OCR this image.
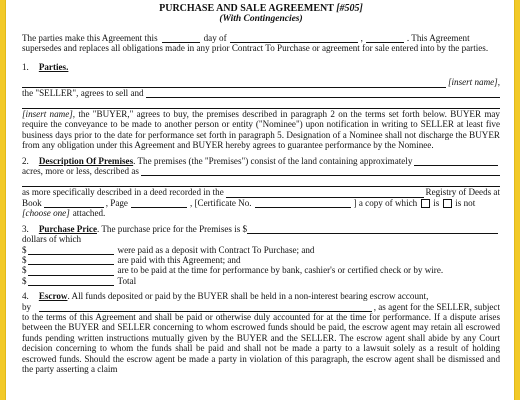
PURCHASE AND SALE AGREEMENT [#505]
(With Contingencies)
The parties make this Agreement this	day of	,	. This Agreement

supersedes and replaces all obligations made in any prior Contract To Purchase or agreement for sale entered into by the parties.

1. Parties.
[insert name],
the "SELLER", agrees to sell and

[insert name], the "BUYER," agrees to buy, the premises described in paragraph 2 on the terms set forth below. BUYER may require the conveyance to be made to another person or entity ("Nominee") upon notification in writing to SELLER at least five business days prior to the date for performance set forth in paragraph 5. Designation of a Nominee shall not discharge the BUYER from any obligation under this Agreement and BUYER hereby agrees to guarantee performance by the Nominee.

2. Description Of Premises . The premises (the "Premises") consist of the land containing approximately
acres, more or less, described as
as more specifically described in a deed recorded in the	Registry of Deeds at
Book	, Page	, [Certificate No.	] a copy of which is is not
[choose one] attached.
3. Purchase Price . The purchase price for the Premises is $
dollars of which
$	were paid as a deposit with Contract To Purchase; and
$	are paid with this Agreement; and
$	are to be paid at the time for performance by bank, cashier's or certified check or by wire.
$	Total
4. Escrow . All funds deposited or paid by the BUYER shall be held in a non-interest bearing escrow account,
by	, as agent for the SELLER, subject

to the terms of this Agreement and shall be paid or otherwise duly accounted for at the time for performance. If a dispute arises between the BUYER and SELLER concerning to whom escrowed funds should be paid, the escrow agent may retain all escrowed funds pending written instructions mutually given by the BUYER and the SELLER. The escrow agent shall abide by any Court decision concerning to whom the funds shall be paid and shall not be made a party to a lawsuit solely as a result of holding escrowed funds. Should the escrow agent be made a party in violation of this paragraph, the escrow agent shall be dismissed and the party asserting a claim
